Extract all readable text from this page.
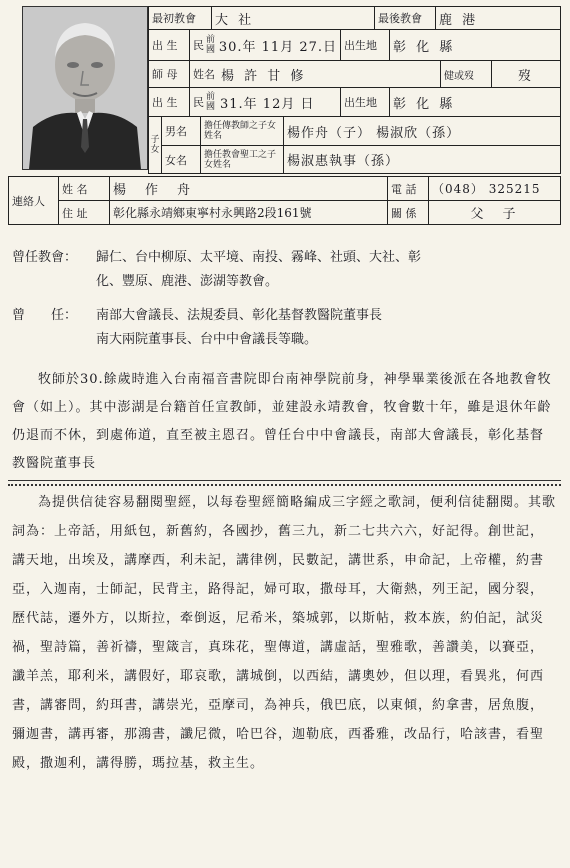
最初教會	大 社	最後教會	鹿 港
出 生	民 前國 30.年 11月 27.日 出生地	彰 化 縣
師 母	姓名 楊 許 甘 修	健或歿	歿
出 生	民 前國 31.年 12月 日	出生地	彰 化 縣
子 女
男名	擔任傳教師之子女姓名	楊作舟（子） 楊淑欣（孫）
女名	擔任教會聖工之子女姓名	楊淑惠執事（孫）
連絡人
姓 名	楊　作　舟	電 話	（048） 325215
住 址	彰化縣永靖鄉東寧村永興路2段161號	關 係	父　子
曾任教會：	歸仁、台中柳原、太平境、南投、霧峰、社頭、大社、彰
化、豐原、鹿港、澎湖等教會。
曾　　任：	南部大會議長、法規委員、彰化基督教醫院董事長
南大兩院董事長、台中中會議長等職。
牧師於30.餘歲時進入台南福音書院即台南神學院前身，神學畢業後派在各地教會牧會（如上）。其中澎湖是台籍首任宣教師，並建設永靖教會，牧會數十年，雖是退休年齡仍退而不休，到處佈道，直至被主恩召。曾任台中中會議長，南部大會議長，彰化基督教醫院董事長
為提供信徒容易翻閱聖經，以每卷聖經簡略編成三字經之歌詞，便利信徒翻閱。其歌詞為：上帝話，用紙包，新舊約，各國抄，舊三九，新二七共六六，好記得。創世記，講天地，出埃及，講摩西，利未記，講律例，民數記，講世系，申命記，上帝權，約書亞，入迦南，士師記，民背主，路得記，婦可取，撒母耳，大衛熱，列王記，國分裂，歷代誌，遷外方，以斯拉，牽倒返，尼希米，築城郭，以斯帖，救本族，約伯記，試災禍，聖詩篇，善祈禱，聖箴言，真珠花，聖傳道，講虛話，聖雅歌，善讚美，以賽亞，讖羊羔，耶利米，講假好，耶哀歌，講城倒，以西結，講奧妙，但以理，看異兆，何西書，講審問，約珥書，講崇光，亞摩司，為神兵，俄巴底，以東傾，約拿書，居魚腹，彌迦書，講再審，那鴻書，讖尼微，哈巴谷，迦勒底，西番雅，改品行，哈該書，看聖殿，撒迦利，講得勝，瑪拉基，救主生。
